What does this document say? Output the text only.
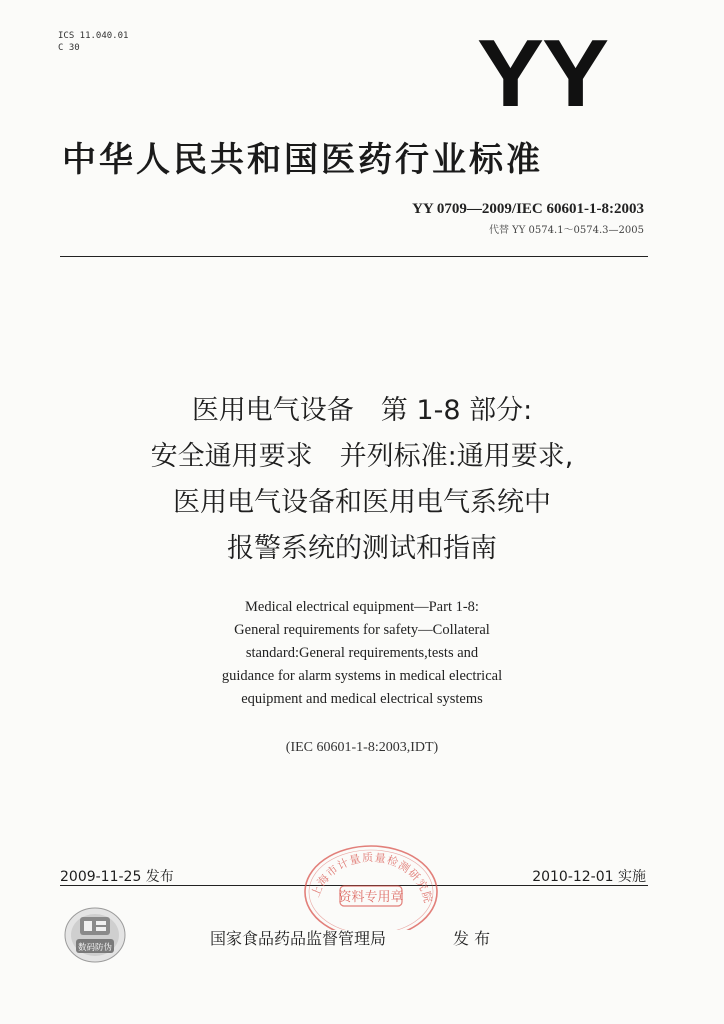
ICS 11.040.01
C 30	YY
中华人民共和国医药行业标准
YY 0709—2009/IEC 60601-1-8:2003
代替 YY 0574.1～0574.3—2005
医用电气设备　第 1-8 部分:
安全通用要求　并列标准:通用要求,
医用电气设备和医用电气系统中
报警系统的测试和指南
Medical electrical equipment—Part 1-8:
General requirements for safety—Collateral
standard:General requirements,tests and
guidance for alarm systems in medical electrical
equipment and medical electrical systems
(IEC 60601-1-8:2003,IDT)
2009-11-25 发布	2010-12-01 实施
上海市计量质量检测研究院
资料专用章
数码防伪	国家食品药品监督管理局	发 布
